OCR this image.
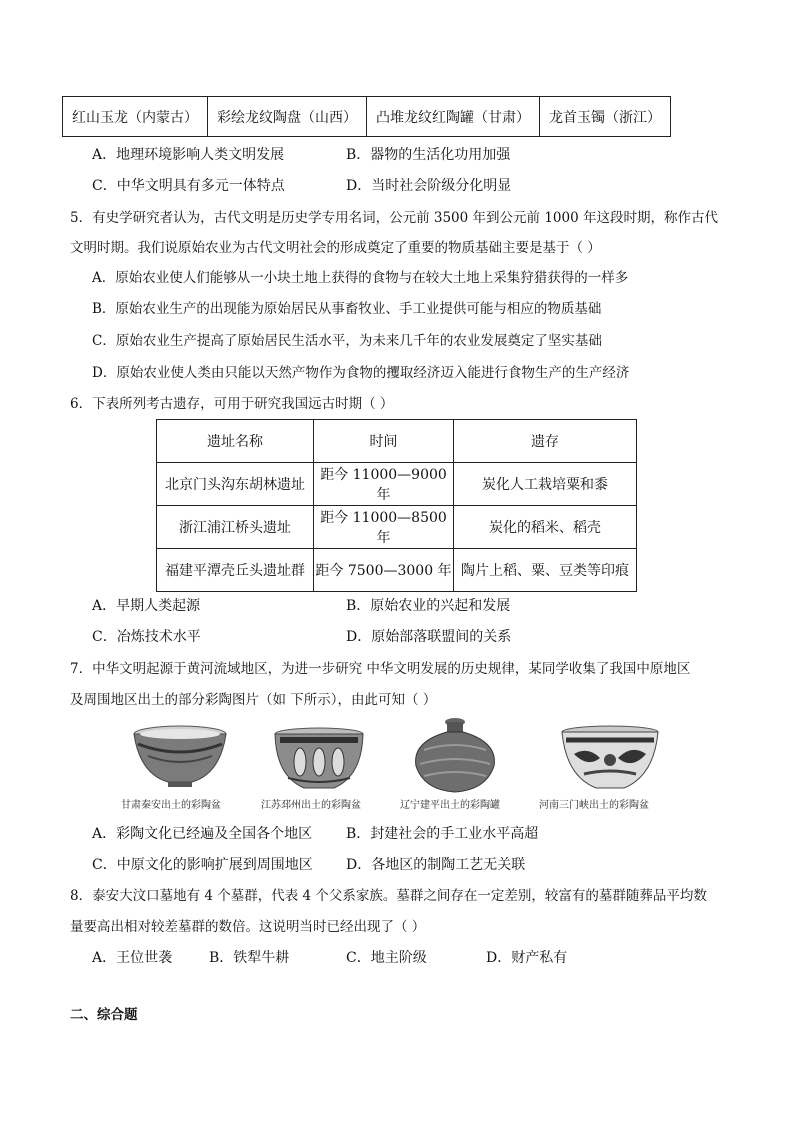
红山玉龙（内蒙古）	彩绘龙纹陶盘（山西）	凸堆龙纹红陶罐（甘肃）	龙首玉镯（浙江）
A．地理环境影响人类文明发展	B．器物的生活化功用加强
C．中华文明具有多元一体特点	D．当时社会阶级分化明显
5．有史学研究者认为，古代文明是历史学专用名词，公元前 3500 年到公元前 1000 年这段时期，称作古代
文明时期。我们说原始农业为古代文明社会的形成奠定了重要的物质基础主要是基于（ ）
A．原始农业使人们能够从一小块土地上获得的食物与在较大土地上采集狩猎获得的一样多
B．原始农业生产的出现能为原始居民从事畜牧业、手工业提供可能与相应的物质基础
C．原始农业生产提高了原始居民生活水平，为未来几千年的农业发展奠定了坚实基础
D．原始农业使人类由只能以天然产物作为食物的攫取经济迈入能进行食物生产的生产经济
6．下表所列考古遗存，可用于研究我国远古时期（ ）
遗址名称	时间	遗存
北京门头沟东胡林遗址	距今 11000—9000 年	炭化人工栽培粟和黍
浙江浦江桥头遗址	距今 11000—8500 年	炭化的稻米、稻壳
福建平潭壳丘头遗址群	距今 7500—3000 年	陶片上稻、粟、豆类等印痕
A．早期人类起源	B．原始农业的兴起和发展
C．冶炼技术水平	D．原始部落联盟间的关系
7．中华文明起源于黄河流域地区，为进一步研究 中华文明发展的历史规律，某同学收集了我国中原地区
及周围地区出土的部分彩陶图片（如 下所示），由此可知（ ）
甘肃秦安出土的彩陶盆	江苏邳州出土的彩陶盆	辽宁建平出土的彩陶罐	河南三门峡出土的彩陶盆
A．彩陶文化已经遍及全国各个地区 B．封建社会的手工业水平高超
C．中原文化的影响扩展到周围地区 D．各地区的制陶工艺无关联
8．泰安大汶口墓地有 4 个墓群，代表 4 个父系家族。墓群之间存在一定差别，较富有的墓群随葬品平均数
量要高出相对较差墓群的数倍。这说明当时已经出现了（ ）
A．王位世袭	B．铁犁牛耕	C．地主阶级	D．财产私有
二、综合题
